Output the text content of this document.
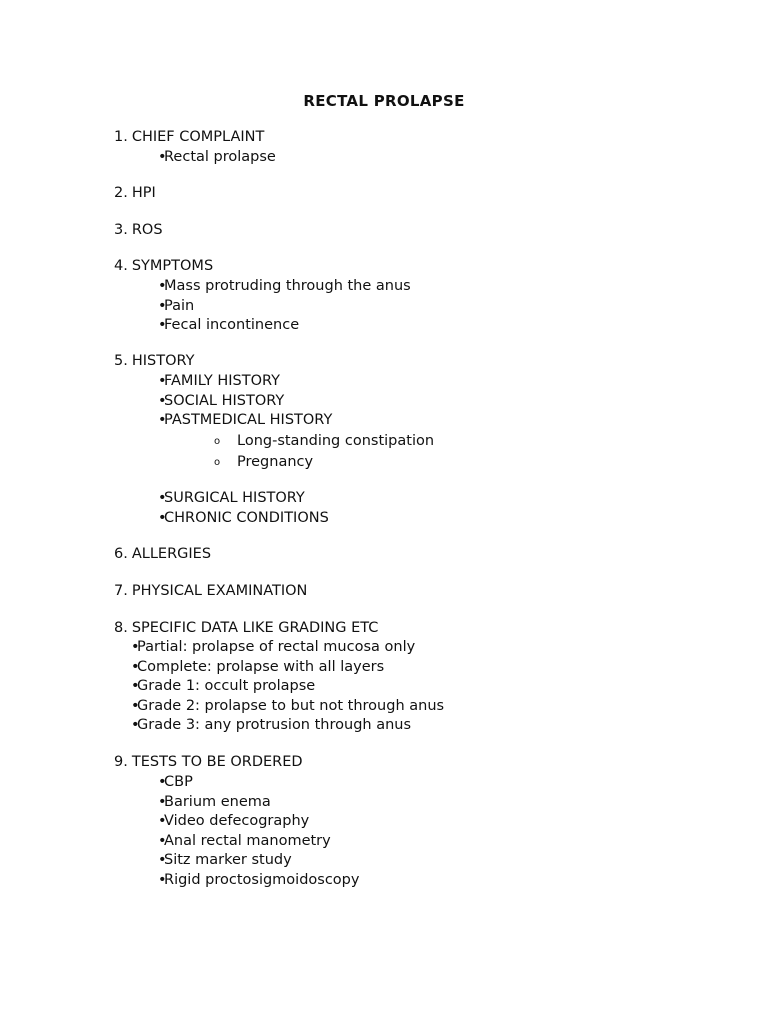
RECTAL PROLAPSE
1. CHIEF COMPLAINT
•Rectal prolapse
2. HPI
3. ROS
4. SYMPTOMS
•Mass protruding through the anus
•Pain
•Fecal incontinence
5. HISTORY
•FAMILY HISTORY
•SOCIAL HISTORY
•PASTMEDICAL HISTORY
o Long-standing constipation
o Pregnancy
•SURGICAL HISTORY
•CHRONIC CONDITIONS
6. ALLERGIES
7. PHYSICAL EXAMINATION
8. SPECIFIC DATA LIKE GRADING ETC
•Partial: prolapse of rectal mucosa only
•Complete: prolapse with all layers
•Grade 1: occult prolapse
•Grade 2: prolapse to but not through anus
•Grade 3: any protrusion through anus
9. TESTS TO BE ORDERED
•CBP
•Barium enema
•Video defecography
•Anal rectal manometry
•Sitz marker study
•Rigid proctosigmoidoscopy
